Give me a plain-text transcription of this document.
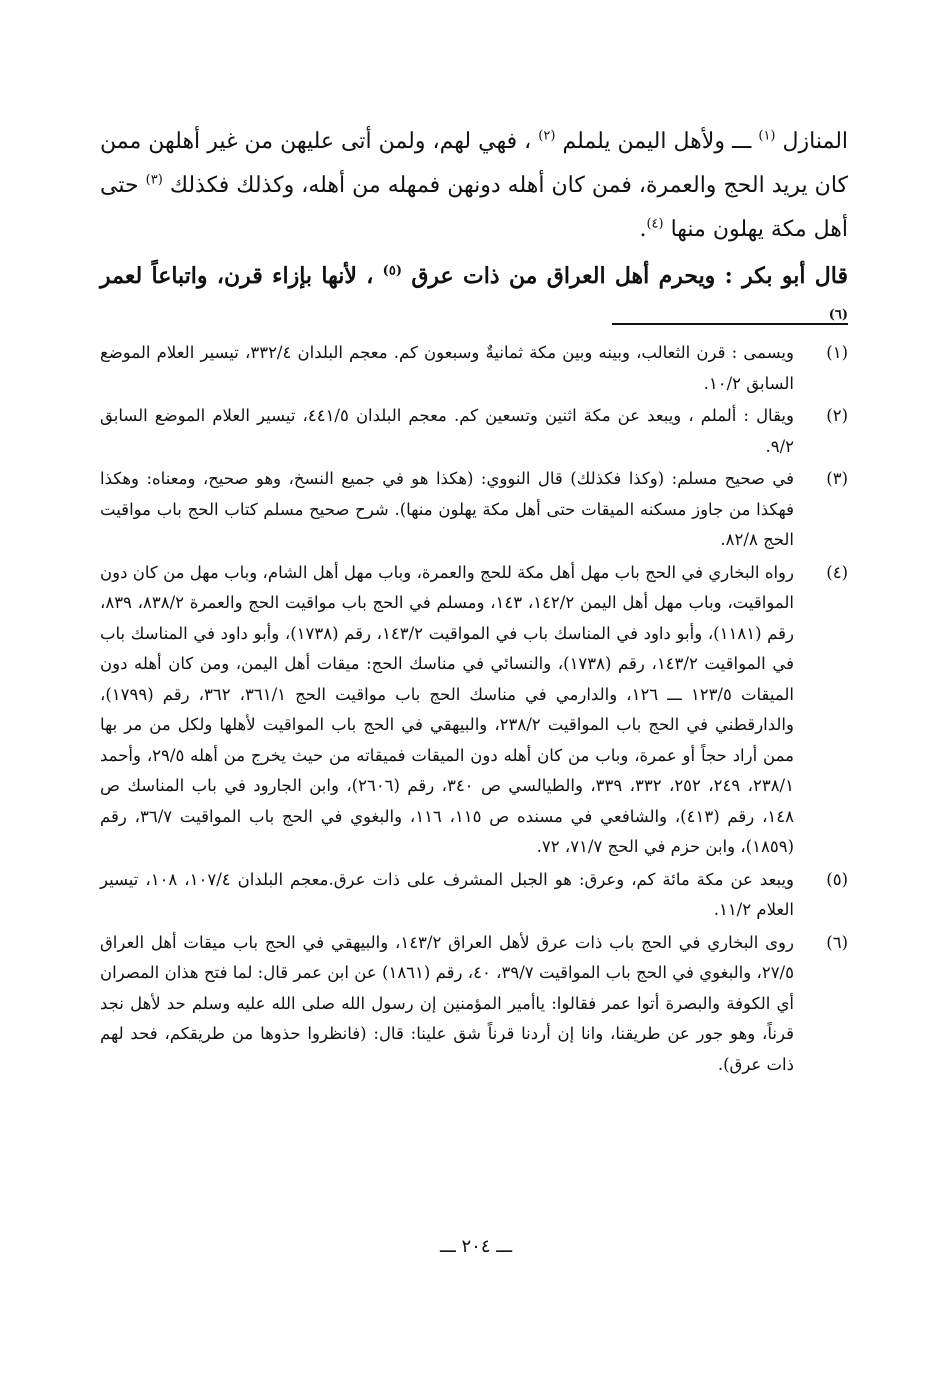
المنازل $^{(١)}$ ـــ ولأهل اليمن يلملم $^{(٢)}$ ، فهي لهم، ولمن أتى عليهن من غير أهلهن ممن كان يريد الحج والعمرة، فمن كان أهله دونهن فمهله من أهله، وكذلك فكذلك $^{(٣)}$ حتى أهل مكة يهلون منها $^{(٤)}$.

قال أبو بكر : ويحرم أهل العراق من ذات عرق $^{(٥)}$ ، لأنها بإزاء قرن، واتباعاً لعمر $^{(٦)}$

(١)
ويسمى : قرن الثعالب، وبينه وبين مكة ثمانيةٌ وسبعون كم. معجم البلدان ٣٣٢/٤، تيسير العلام الموضع السابق ١٠/٢.
(٢)
ويقال : ألملم ، ويبعد عن مكة اثنين وتسعين كم. معجم البلدان ٤٤١/٥، تيسير العلام الموضع السابق ٩/٢.
(٣)
في صحيح مسلم: (وكذا فكذلك) قال النووي: (هكذا هو في جميع النسخ، وهو صحيح، ومعناه: وهكذا فهكذا من جاوز مسكنه الميقات حتى أهل مكة يهلون منها). شرح صحيح مسلم كتاب الحج باب مواقيت الحج ٨٢/٨.
(٤)
رواه البخاري في الحج باب مهل أهل مكة للحج والعمرة، وباب مهل أهل الشام، وباب مهل من كان دون المواقيت، وباب مهل أهل اليمن ١٤٢/٢، ١٤٣، ومسلم في الحج باب مواقيت الحج والعمرة ٨٣٨/٢، ٨٣٩، رقم (١١٨١)، وأبو داود في المناسك باب في المواقيت ١٤٣/٢، رقم (١٧٣٨)، وأبو داود في المناسك باب في المواقيت ١٤٣/٢، رقم (١٧٣٨)، والنسائي في مناسك الحج: ميقات أهل اليمن، ومن كان أهله دون الميقات ١٢٣/٥ ـــ ١٢٦، والدارمي في مناسك الحج باب مواقيت الحج ٣٦١/١، ٣٦٢، رقم (١٧٩٩)، والدارقطني في الحج باب المواقيت ٢٣٨/٢، والبيهقي في الحج باب المواقيت لأهلها ولكل من مر بها ممن أراد حجاً أو عمرة، وباب من كان أهله دون الميقات فميقاته من حيث يخرج من أهله ٢٩/٥، وأحمد ٢٣٨/١، ٢٤٩، ٢٥٢، ٣٣٢، ٣٣٩، والطيالسي ص ٣٤٠، رقم (٢٦٠٦)، وابن الجارود في باب المناسك ص ١٤٨، رقم (٤١٣)، والشافعي في مسنده ص ١١٥، ١١٦، والبغوي في الحج باب المواقيت ٣٦/٧، رقم (١٨٥٩)، وابن حزم في الحج ٧١/٧، ٧٢.
(٥)
ويبعد عن مكة مائة كم، وعرق: هو الجبل المشرف على ذات عرق.معجم البلدان ١٠٧/٤، ١٠٨، تيسير العلام ١١/٢.
(٦)
روى البخاري في الحج باب ذات عرق لأهل العراق ١٤٣/٢، والبيهقي في الحج باب ميقات أهل العراق ٢٧/٥، والبغوي في الحج باب المواقيت ٣٩/٧، ٤٠، رقم (١٨٦١) عن ابن عمر قال: لما فتح هذان المصران أي الكوفة والبصرة أتوا عمر فقالوا: ياأمير المؤمنين إن رسول الله صلى الله عليه وسلم حد لأهل نجد قرناً، وهو جور عن طريقنا، وانا إن أردنا قرناً شق علينا: قال: (فانظروا حذوها من طريقكم، فحد لهم ذات عرق).
ـــ ٢٠٤ ـــ
